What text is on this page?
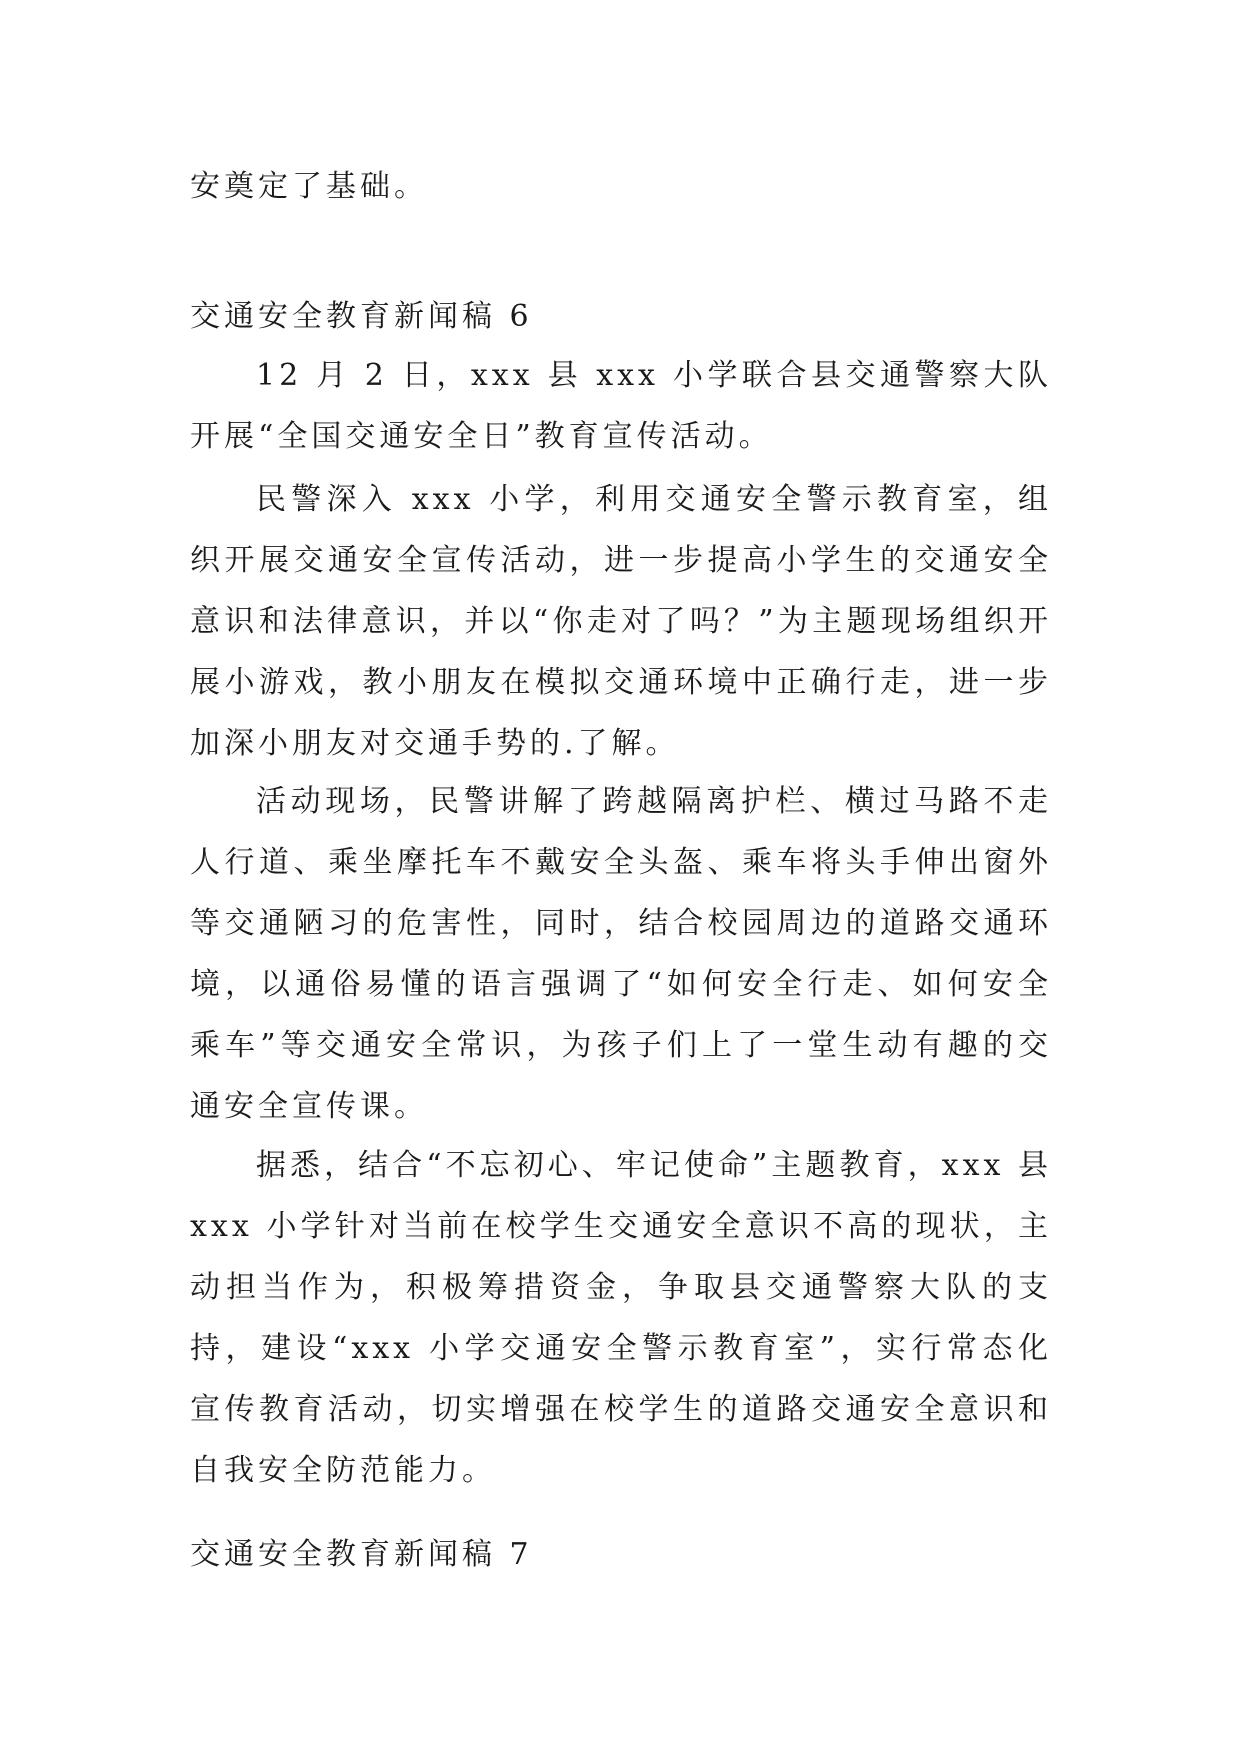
安奠定了基础。

交通安全教育新闻稿 6

12 月 2 日，xxx 县 xxx 小学联合县交通警察大队开展“全国交通安全日”教育宣传活动。

民警深入 xxx 小学，利用交通安全警示教育室，组织开展交通安全宣传活动，进一步提高小学生的交通安全意识和法律意识，并以“你走对了吗？”为主题现场组织开展小游戏，教小朋友在模拟交通环境中正确行走，进一步加深小朋友对交通手势的.了解。

活动现场，民警讲解了跨越隔离护栏、横过马路不走人行道、乘坐摩托车不戴安全头盔、乘车将头手伸出窗外等交通陋习的危害性，同时，结合校园周边的道路交通环境，以通俗易懂的语言强调了“如何安全行走、如何安全乘车”等交通安全常识，为孩子们上了一堂生动有趣的交通安全宣传课。

据悉，结合“不忘初心、牢记使命”主题教育，xxx 县 xxx 小学针对当前在校学生交通安全意识不高的现状，主动担当作为，积极筹措资金，争取县交通警察大队的支持，建设“xxx 小学交通安全警示教育室”，实行常态化宣传教育活动，切实增强在校学生的道路交通安全意识和自我安全防范能力。

交通安全教育新闻稿 7
